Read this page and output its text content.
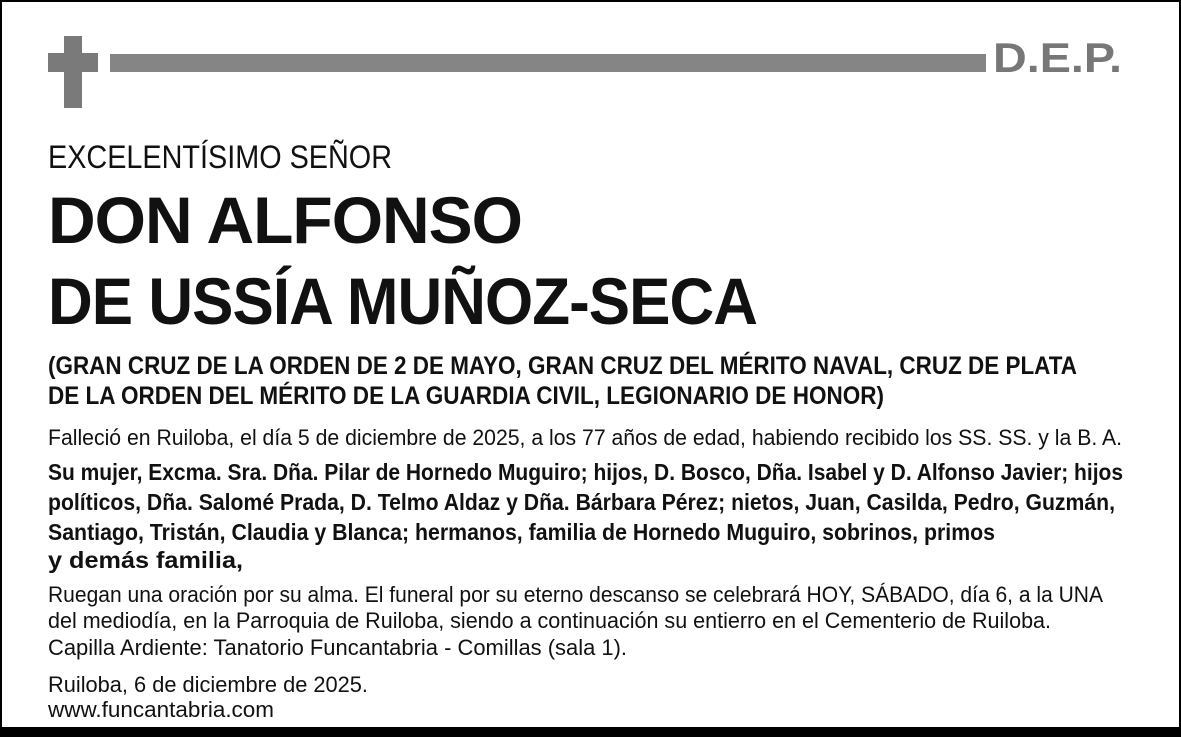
D.E.P.
EXCELENTÍSIMO SEÑOR
DON ALFONSO
DE USSÍA MUÑOZ-SECA
(GRAN CRUZ DE LA ORDEN DE 2 DE MAYO, GRAN CRUZ DEL MÉRITO NAVAL, CRUZ DE PLATA
DE LA ORDEN DEL MÉRITO DE LA GUARDIA CIVIL, LEGIONARIO DE HONOR)
Falleció en Ruiloba, el día 5 de diciembre de 2025, a los 77 años de edad, habiendo recibido los SS. SS. y la B. A.
Su mujer, Excma. Sra. Dña. Pilar de Hornedo Muguiro; hijos, D. Bosco, Dña. Isabel y D. Alfonso Javier; hijos
políticos, Dña. Salomé Prada, D. Telmo Aldaz y Dña. Bárbara Pérez; nietos, Juan, Casilda, Pedro, Guzmán,
Santiago, Tristán, Claudia y Blanca; hermanos, familia de Hornedo Muguiro, sobrinos, primos
y demás familia,
Ruegan una oración por su alma. El funeral por su eterno descanso se celebrará HOY, SÁBADO, día 6, a la UNA
del mediodía, en la Parroquia de Ruiloba, siendo a continuación su entierro en el Cementerio de Ruiloba.
Capilla Ardiente: Tanatorio Funcantabria - Comillas (sala 1).
Ruiloba, 6 de diciembre de 2025.
www.funcantabria.com
